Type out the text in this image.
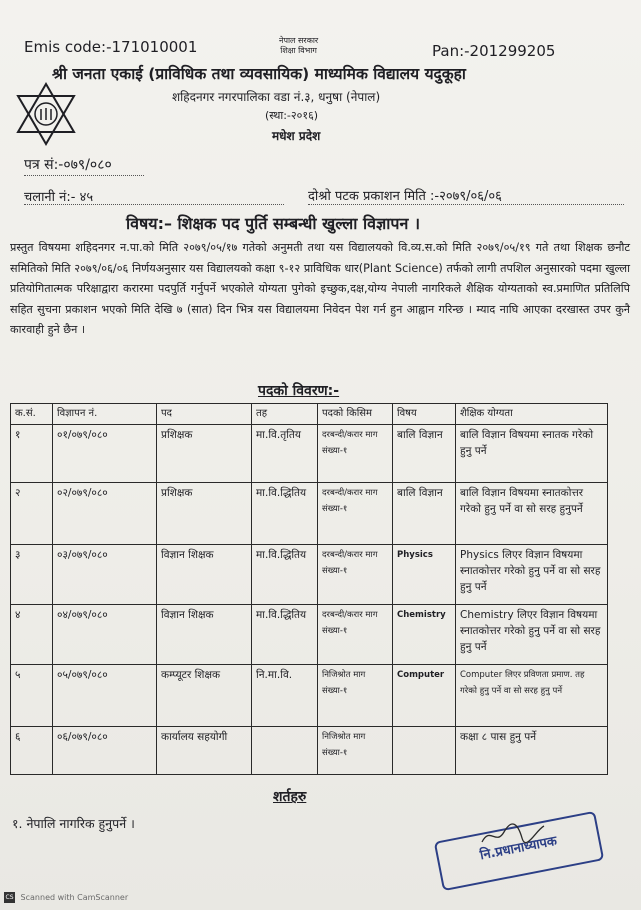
Emis code:-171010001	नेपाल सरकार
शिक्षा विभाग	Pan:-201299205
श्री जनता एकाई (प्राविधिक तथा व्यवसायिक) माध्यमिक विद्यालय यदुकूहा
शहिदनगर नगरपालिका वडा नं.३, धनुषा (नेपाल)
(स्था:-२०१६)
मधेश प्रदेश
पत्र सं:-०७९/०८०
चलानी नं:- ४५	दोश्रो पटक प्रकाशन मिति :-२०७९/०६/०६
विषय:– शिक्षक पद पुर्ति सम्बन्धी खुल्ला विज्ञापन ।
प्रस्तुत विषयमा शहिदनगर न.पा.को मिति २०७९/०५/१७ गतेको अनुमती तथा यस विद्यालयको वि.व्य.स.को मिति २०७९/०५/१९ गते तथा शिक्षक छनौट समितिको मिति २०७९/०६/०६ निर्णयअनुसार यस विद्यालयको कक्षा ९-१२ प्राविधिक धार(Plant Science) तर्फको लागी तपशिल अनुसारको पदमा खुल्ला प्रतियोगितात्मक परिक्षाद्वारा करारमा पदपुर्ति गर्नुपर्ने भएकोले योग्यता पुगेको इच्छुक,दक्ष,योग्य नेपाली नागरिकले शैक्षिक योग्यताको स्व.प्रमाणित प्रतिलिपि सहित सुचना प्रकाशन भएको मिति देखि ७ (सात) दिन भित्र यस विद्यालयमा निवेदन पेश गर्न हुन आह्वान गरिन्छ । म्याद नाघि आएका दरखास्त उपर कुनै कारवाही हुने छैन ।
पदको विवरण:-
क.सं.	विज्ञापन नं.	पद	तह	पदको किसिम	विषय	शैक्षिक योग्यता
१	०१/०७९/०८०	प्रशिक्षक	मा.वि.तृतिय	दरबन्दी/करार माग संख्या-१	बालि विज्ञान	बालि विज्ञान विषयमा स्नातक गरेको हुनु पर्ने
२	०२/०७९/०८०	प्रशिक्षक	मा.वि.द्धितिय	दरबन्दी/करार माग संख्या-१	बालि विज्ञान	बालि विज्ञान विषयमा स्नातकोत्तर गरेको हुनु पर्ने वा सो सरह हुनुपर्ने
३	०३/०७९/०८०	विज्ञान शिक्षक	मा.वि.द्धितिय	दरबन्दी/करार माग संख्या-१	Physics	Physics लिएर विज्ञान विषयमा स्नातकोत्तर गरेको हुनु पर्ने वा सो सरह हुनु पर्ने
४	०४/०७९/०८०	विज्ञान शिक्षक	मा.वि.द्धितिय	दरबन्दी/करार माग संख्या-१	Chemistry	Chemistry लिएर विज्ञान विषयमा स्नातकोत्तर गरेको हुनु पर्ने वा सो सरह हुनु पर्ने
५	०५/०७९/०८०	कम्प्यूटर शिक्षक	नि.मा.वि.	निजिश्रोत माग संख्या-१	Computer	Computer लिएर प्रविणता प्रमाण. तह गरेको हुनु पर्ने वा सो सरह हुनु पर्ने
६	०६/०७९/०८०	कार्यालय सहयोगी		निजिश्रोत माग संख्या-१		कक्षा ८ पास हुनु पर्ने
शर्तहरु
१. नेपालि नागरिक हुनुपर्ने ।
नि.प्रधानाध्यापक
CS Scanned with CamScanner
